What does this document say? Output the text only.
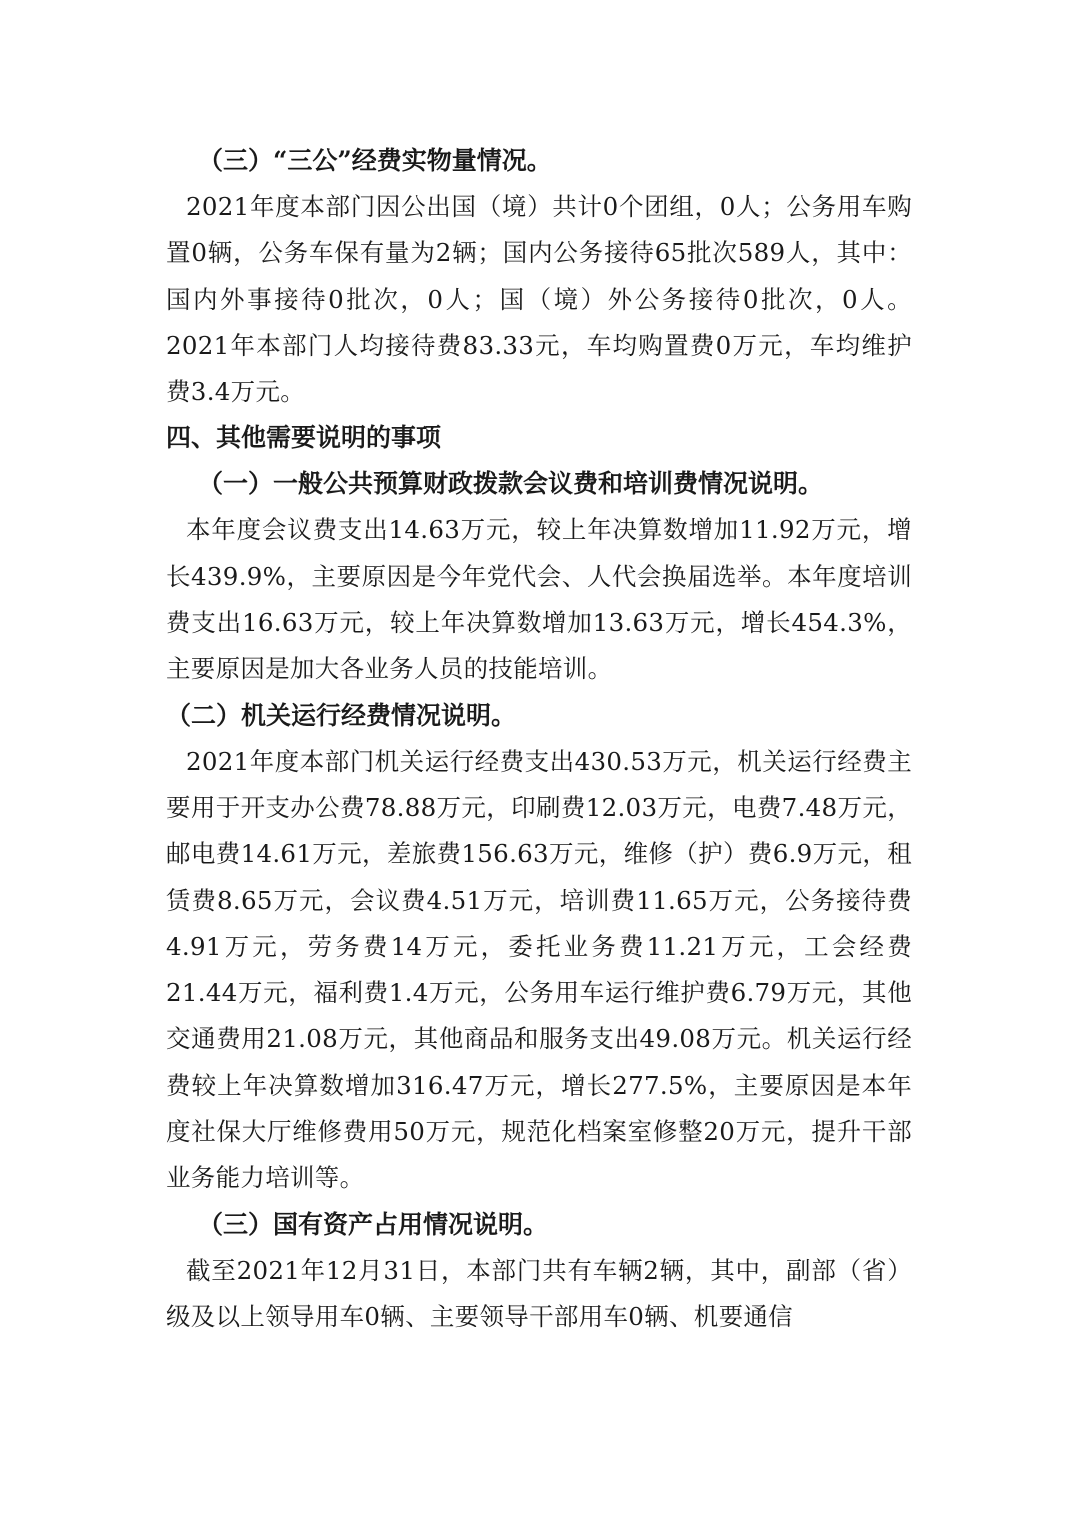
（三）“三公”经费实物量情况。

2021年度本部门因公出国（境）共计0个团组，0人；公务用车购置0辆，公务车保有量为2辆；国内公务接待65批次589人，其中：国内外事接待0批次，0人；国（境）外公务接待0批次，0人。2021年本部门人均接待费83.33元，车均购置费0万元，车均维护费3.4万元。

四、其他需要说明的事项

（一）一般公共预算财政拨款会议费和培训费情况说明。

本年度会议费支出14.63万元，较上年决算数增加11.92万元，增长439.9%，主要原因是今年党代会、人代会换届选举。本年度培训费支出16.63万元，较上年决算数增加13.63万元，增长454.3%，主要原因是加大各业务人员的技能培训。

（二）机关运行经费情况说明。

2021年度本部门机关运行经费支出430.53万元，机关运行经费主要用于开支办公费78.88万元，印刷费12.03万元，电费7.48万元，邮电费14.61万元，差旅费156.63万元，维修（护）费6.9万元，租赁费8.65万元，会议费4.51万元，培训费11.65万元，公务接待费4.91万元，劳务费14万元，委托业务费11.21万元，工会经费21.44万元，福利费1.4万元，公务用车运行维护费6.79万元，其他交通费用21.08万元，其他商品和服务支出49.08万元。机关运行经费较上年决算数增加316.47万元，增长277.5%，主要原因是本年度社保大厅维修费用50万元，规范化档案室修整20万元，提升干部业务能力培训等。

（三）国有资产占用情况说明。

截至2021年12月31日，本部门共有车辆2辆，其中，副部（省）级及以上领导用车0辆、主要领导干部用车0辆、机要通信
